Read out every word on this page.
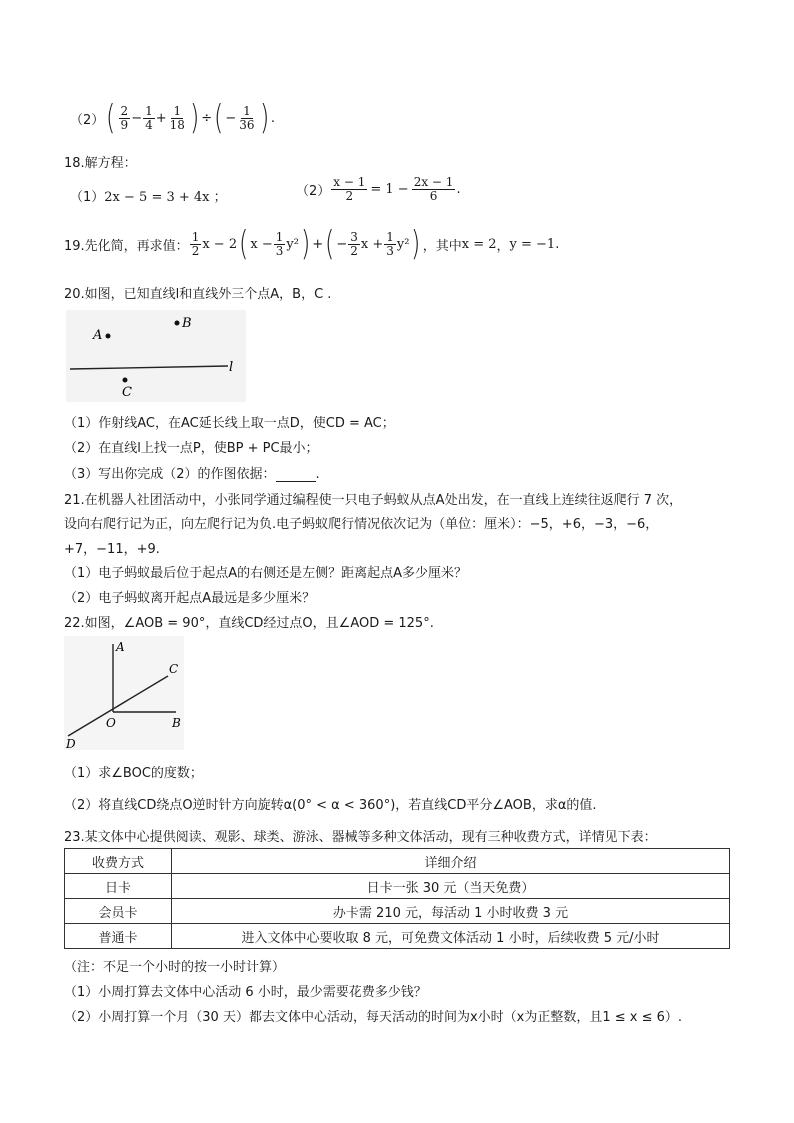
（2） ( $\frac{2}{9} - \frac{1}{4} + \frac{1}{18}$ ) ÷ ( − $\frac{1}{36}$ ) .
18.解方程：
（1）2x − 5 = 3 + 4x ；	$(2) \frac{x - 1}{2} = 1 - \frac{2x - 1}{6}$ .
19.先化简，再求值： $\frac{1}{2}$ x − 2 ( $x - \frac{1}{3} y^2$ ) + ( − $\frac{3}{2}$ $x + \frac{1}{3} y^2$ ) ，其中 x = 2 ， y = −1 .
20.如图，已知直线l和直线外三个点A，B，C .
A
B
C
l
（1）作射线AC，在AC延长线上取一点D，使CD = AC；
（2）在直线l上找一点P，使BP + PC最小；
（3）写出你完成（2）的作图依据：	.
21.在机器人社团活动中，小张同学通过编程使一只电子蚂蚁从点A处出发，在一直线上连续往返爬行 7 次，
设向右爬行记为正，向左爬行记为负.电子蚂蚁爬行情况依次记为（单位：厘米）：−5，+6，−3，−6，
+7，−11，+9.
（1）电子蚂蚁最后位于起点A的右侧还是左侧？距离起点A多少厘米？
（2）电子蚂蚁离开起点A最远是多少厘米？
22.如图，∠AOB = 90°，直线CD经过点O，且∠AOD = 125°.
A
C
O	B
D
（1）求∠BOC的度数；
（2）将直线CD绕点O逆时针方向旋转α(0° < α < 360°)，若直线CD平分∠AOB，求α的值.
23.某文体中心提供阅读、观影、球类、游泳、器械等多种文体活动，现有三种收费方式，详情见下表：
收费方式	详细介绍
日卡	日卡一张 30 元（当天免费）
会员卡	办卡需 210 元，每活动 1 小时收费 3 元
普通卡	进入文体中心要收取 8 元，可免费文体活动 1 小时，后续收费 5 元/小时
（注：不足一个小时的按一小时计算）
（1）小周打算去文体中心活动 6 小时，最少需要花费多少钱？
（2）小周打算一个月（30 天）都去文体中心活动，每天活动的时间为x小时（x为正整数，且1 ≤ x ≤ 6）.
